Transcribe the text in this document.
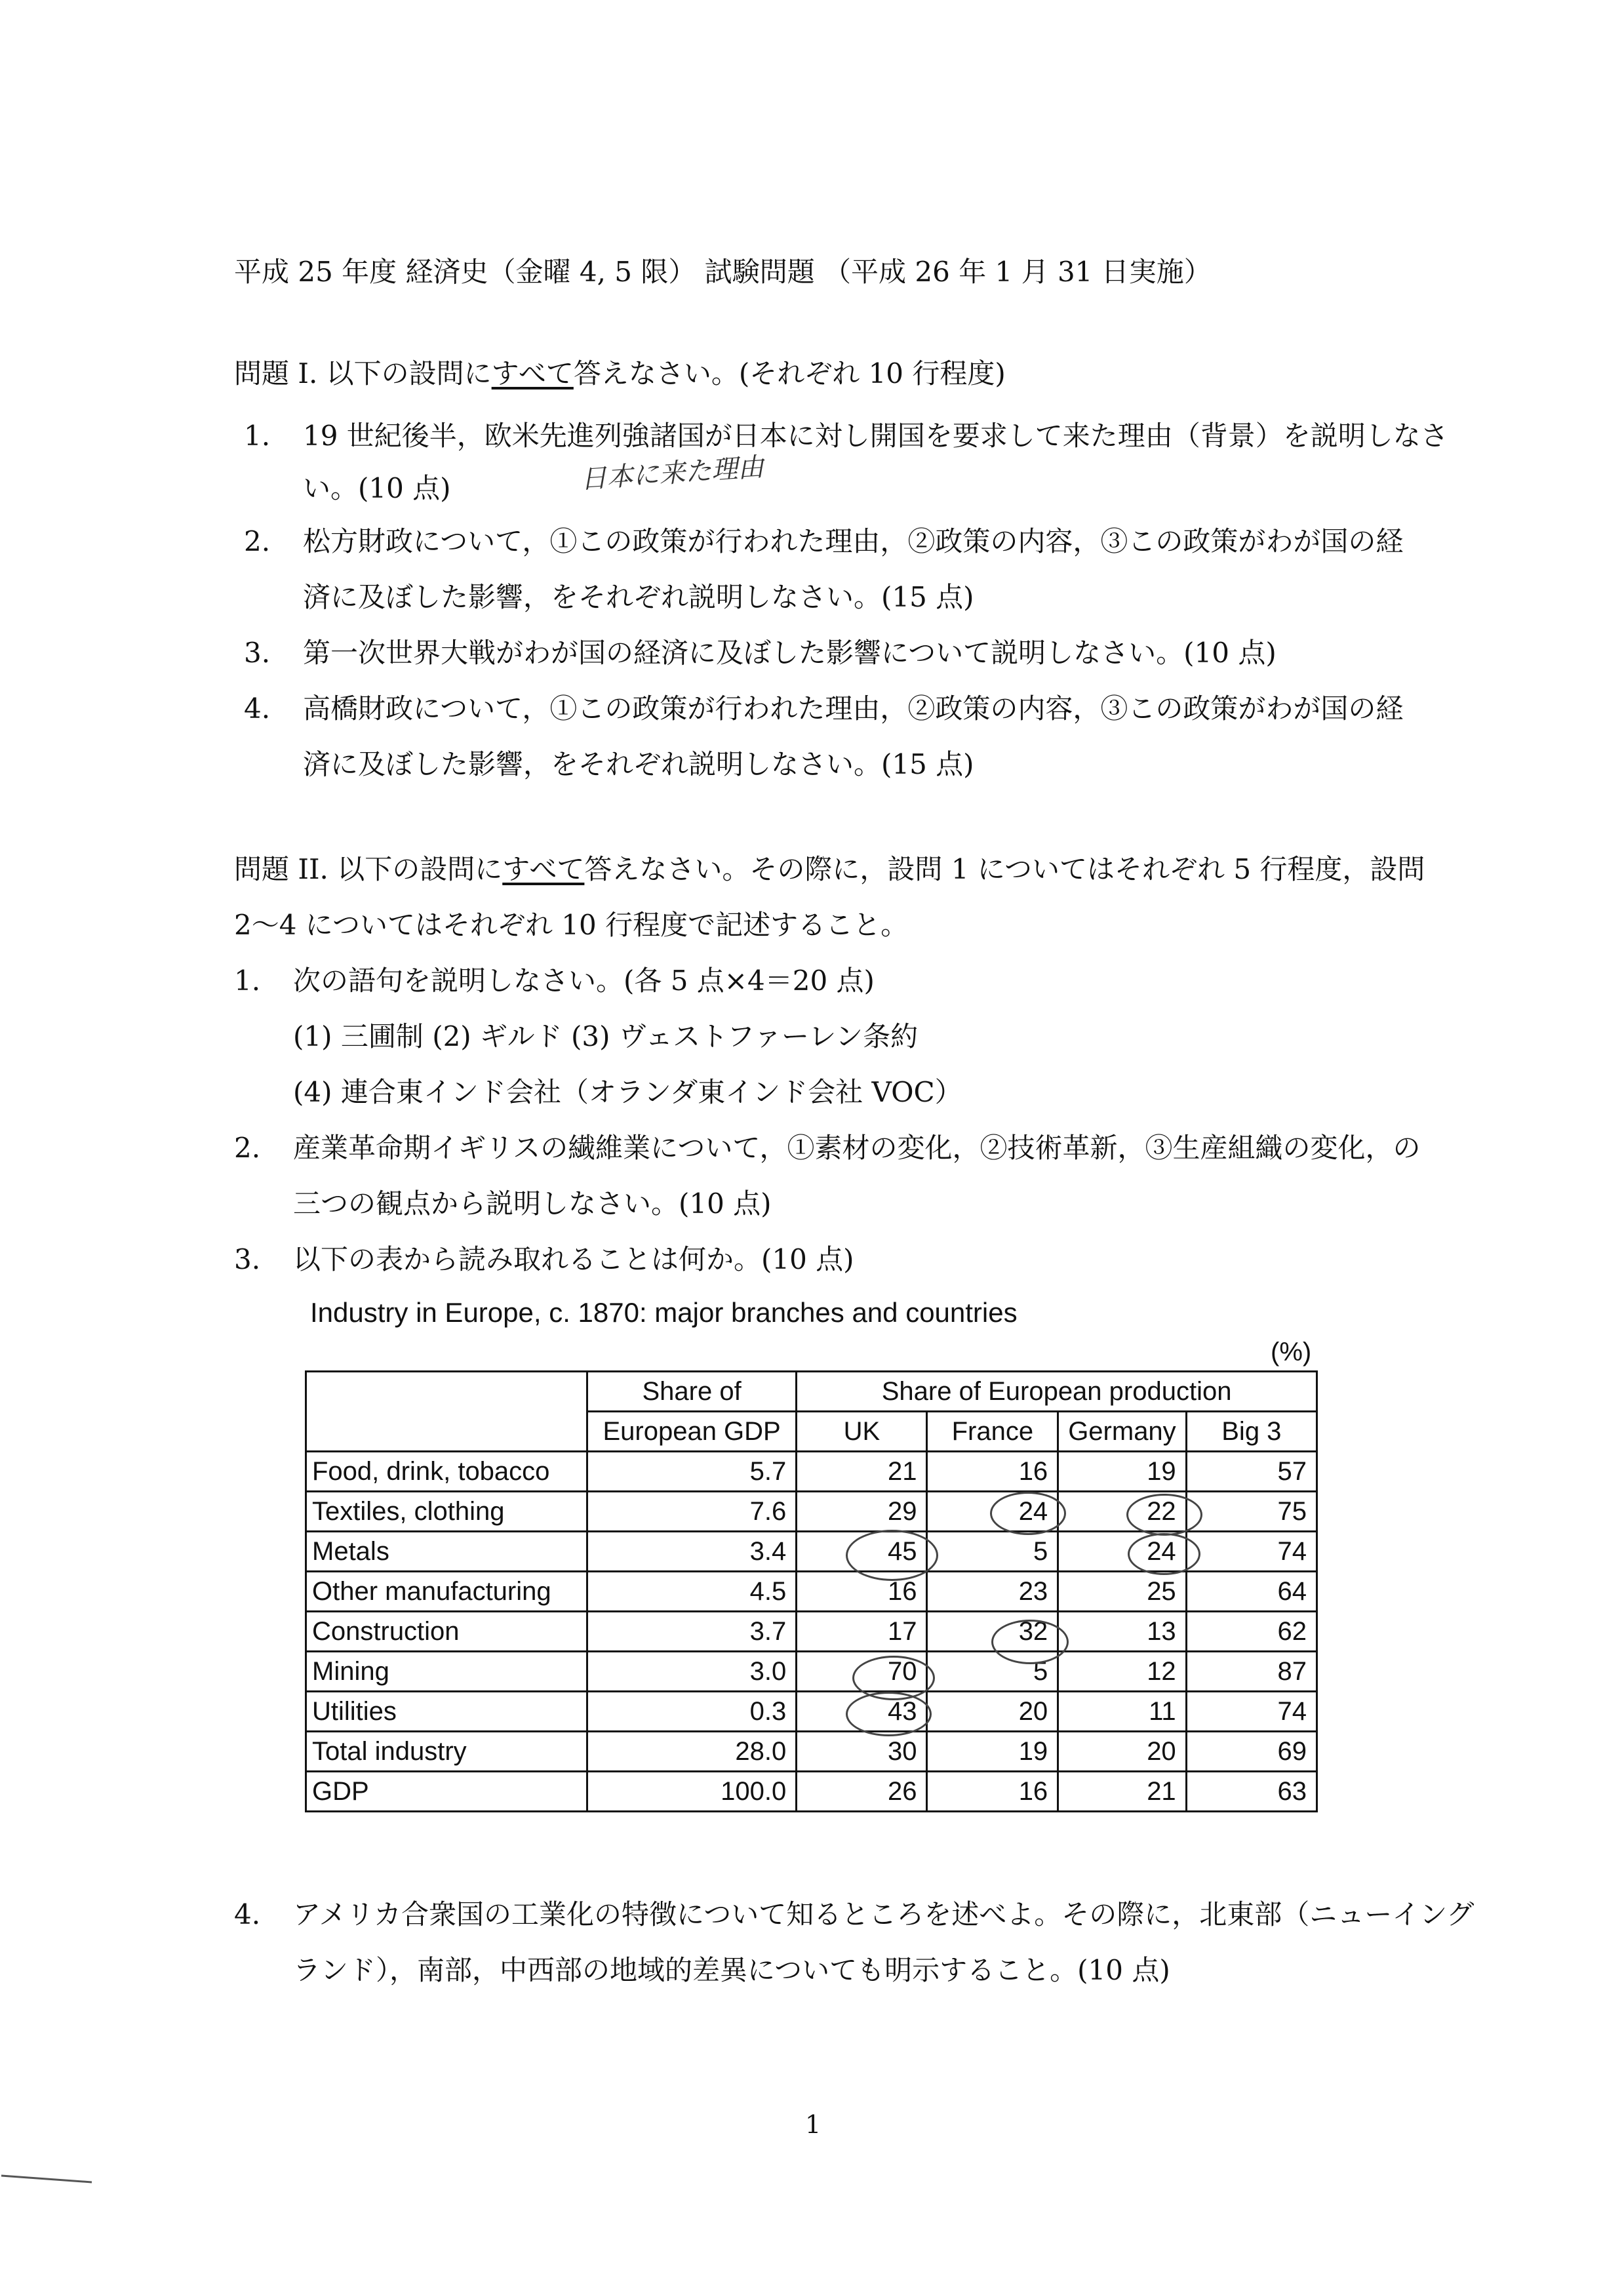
平成 25 年度 経済史（金曜 4, 5 限） 試験問題 （平成 26 年 1 月 31 日実施）
問題 I. 以下の設問にすべて答えなさい。(それぞれ 10 行程度)
1. 19 世紀後半，欧米先進列強諸国が日本に対し開国を要求して来た理由（背景）を説明しなさ
い。(10 点)	日本に来た理由
2. 松方財政について，①この政策が行われた理由，②政策の内容，③この政策がわが国の経
済に及ぼした影響，をそれぞれ説明しなさい。(15 点)
3. 第一次世界大戦がわが国の経済に及ぼした影響について説明しなさい。(10 点)
4. 高橋財政について，①この政策が行われた理由，②政策の内容，③この政策がわが国の経
済に及ぼした影響，をそれぞれ説明しなさい。(15 点)
問題 II. 以下の設問にすべて答えなさい。その際に，設問 1 についてはそれぞれ 5 行程度，設問
2～4 についてはそれぞれ 10 行程度で記述すること。
1. 次の語句を説明しなさい。(各 5 点×4＝20 点)
(1) 三圃制 (2) ギルド (3) ヴェストファーレン条約
(4) 連合東インド会社（オランダ東インド会社 VOC）
2. 産業革命期イギリスの繊維業について，①素材の変化，②技術革新，③生産組織の変化，の
三つの観点から説明しなさい。(10 点)
3. 以下の表から読み取れることは何か。(10 点)
Industry in Europe, c. 1870: major branches and countries
(%)
	Share of	Share of European production			
	European GDP	UK	France	Germany	Big 3
Food, drink, tobacco	5.7	21	16	19	57
Textiles, clothing	7.6	29	24	22	75
Metals	3.4	45	5	24	74
Other manufacturing	4.5	16	23	25	64
Construction	3.7	17	32	13	62
Mining	3.0	70	5	12	87
Utilities	0.3	43	20	11	74
Total industry	28.0	30	19	20	69
GDP	100.0	26	16	21	63
4. アメリカ合衆国の工業化の特徴について知るところを述べよ。その際に，北東部（ニューイング
ランド），南部，中西部の地域的差異についても明示すること。(10 点)
1
